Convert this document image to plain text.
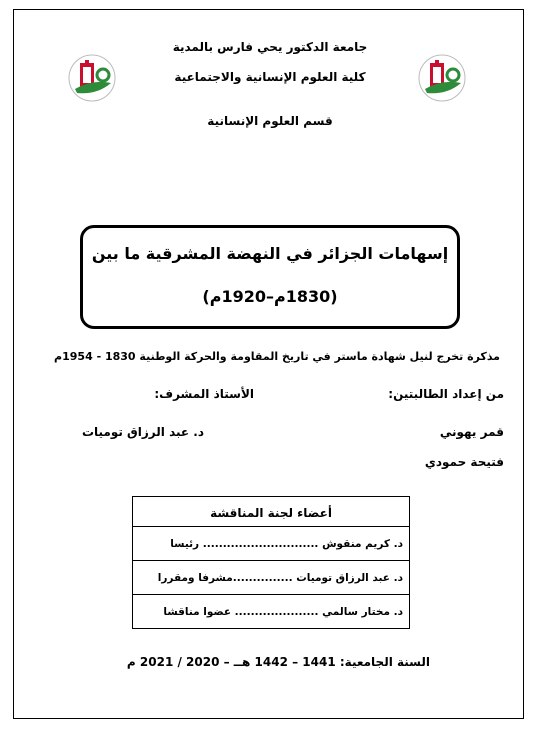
جامعة الدكتور يحي فارس بالمدية
كلية العلوم الإنسانية والاجتماعية
قسم العلوم الإنسانية
إسهامات الجزائر في النهضة المشرقية ما بين
(1830م–1920م)
مذكرة تخرج لنيل شهادة ماستر في تاريخ المقاومة والحركة الوطنية 1830 - 1954م
من إعداد الطالبتين:
الأستاذ المشرف:
قمر يهوني
د. عبد الرزاق توميات
فتيحة حمودي
أعضاء لجنة المناقشة
د. كريم منقوش ............................. رئيسا
د. عبد الرزاق توميات ...............مشرفا ومقررا
د. مختار سالمي ..................... عضوا مناقشا
السنة الجامعية: 1441 – 1442 هــ – 2020 / 2021 م
